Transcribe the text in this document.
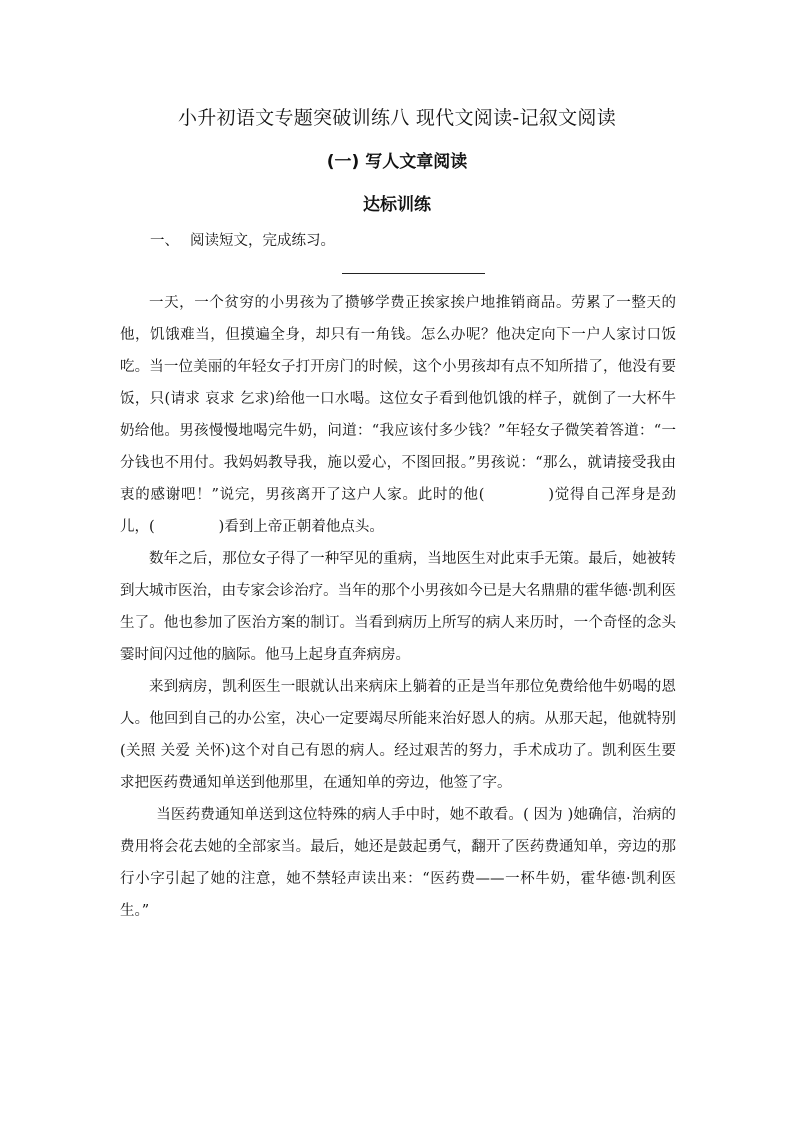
小升初语文专题突破训练八 现代文阅读-记叙文阅读
(一) 写人文章阅读
达标训练
一、 阅读短文，完成练习。

一天，一个贫穷的小男孩为了攒够学费正挨家挨户地推销商品。劳累了一整天的他，饥饿难当，但摸遍全身，却只有一角钱。怎么办呢？他决定向下一户人家讨口饭吃。当一位美丽的年轻女子打开房门的时候，这个小男孩却有点不知所措了，他没有要饭，只(请求 哀求 乞求)给他一口水喝。这位女子看到他饥饿的样子，就倒了一大杯牛奶给他。男孩慢慢地喝完牛奶，问道：“我应该付多少钱？”年轻女子微笑着答道：“一分钱也不用付。我妈妈教导我，施以爱心，不图回报。”男孩说：“那么，就请接受我由衷的感谢吧！”说完，男孩离开了这户人家。此时的他(	)觉得自己浑身是劲儿，(	)看到上帝正朝着他点头。

数年之后，那位女子得了一种罕见的重病，当地医生对此束手无策。最后，她被转到大城市医治，由专家会诊治疗。当年的那个小男孩如今已是大名鼎鼎的霍华德·凯利医生了。他也参加了医治方案的制订。当看到病历上所写的病人来历时，一个奇怪的念头霎时间闪过他的脑际。他马上起身直奔病房。

来到病房，凯利医生一眼就认出来病床上躺着的正是当年那位免费给他牛奶喝的恩人。他回到自己的办公室，决心一定要竭尽所能来治好恩人的病。从那天起，他就特别(关照 关爱 关怀)这个对自己有恩的病人。经过艰苦的努力，手术成功了。凯利医生要求把医药费通知单送到他那里，在通知单的旁边，他签了字。

当医药费通知单送到这位特殊的病人手中时，她不敢看。( 因为 )她确信，治病的费用将会花去她的全部家当。最后，她还是鼓起勇气，翻开了医药费通知单，旁边的那行小字引起了她的注意，她不禁轻声读出来：“医药费——一杯牛奶，霍华德·凯利医生。”
